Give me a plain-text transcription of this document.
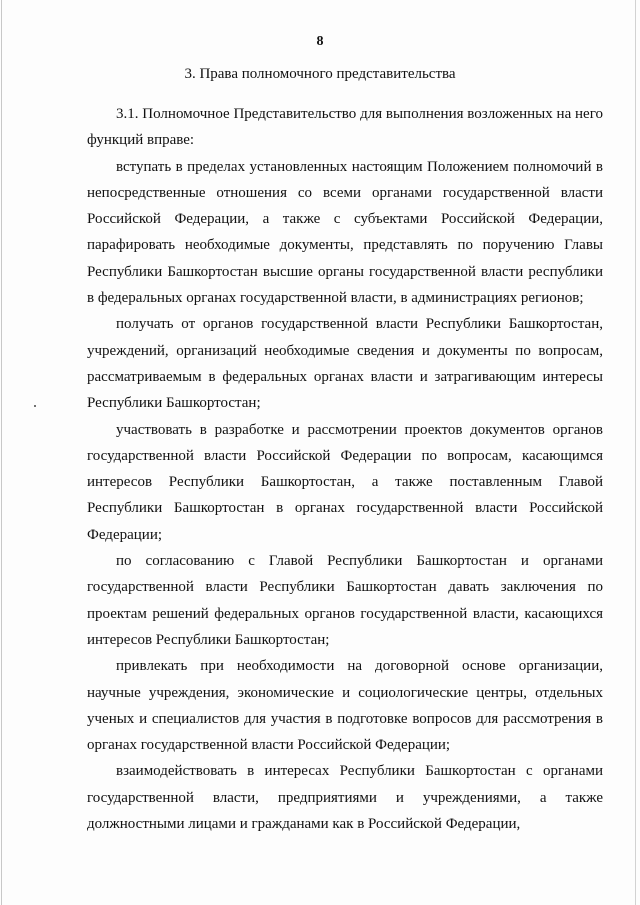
8
3. Права полномочного представительства

3.1. Полномочное Представительство для выполнения возложенных на него функций вправе:

вступать в пределах установленных настоящим Положением полномочий в непосредственные отношения со всеми органами государственной власти Российской Федерации, а также с субъектами Российской Федерации, парафировать необходимые документы, представлять по поручению Главы Республики Башкортостан высшие органы государственной власти республики в федеральных органах государственной власти, в администрациях регионов;

получать от органов государственной власти Республики Башкортостан, учреждений, организаций необходимые сведения и документы по вопросам, рассматриваемым в федеральных органах власти и затрагивающим интересы Республики Башкортостан;

участвовать в разработке и рассмотрении проектов документов органов государственной власти Российской Федерации по вопросам, касающимся интересов Республики Башкортостан, а также поставленным Главой Республики Башкортостан в органах государственной власти Российской Федерации;

по согласованию с Главой Республики Башкортостан и органами государственной власти Республики Башкортостан давать заключения по проектам решений федеральных органов государственной власти, касающихся интересов Республики Башкортостан;

привлекать при необходимости на договорной основе организации, научные учреждения, экономические и социологические центры, отдельных ученых и специалистов для участия в подготовке вопросов для рассмотрения в органах государственной власти Российской Федерации;

взаимодействовать в интересах Республики Башкортостан с органами государственной власти, предприятиями и учреждениями, а также должностными лицами и гражданами как в Российской Федерации,
